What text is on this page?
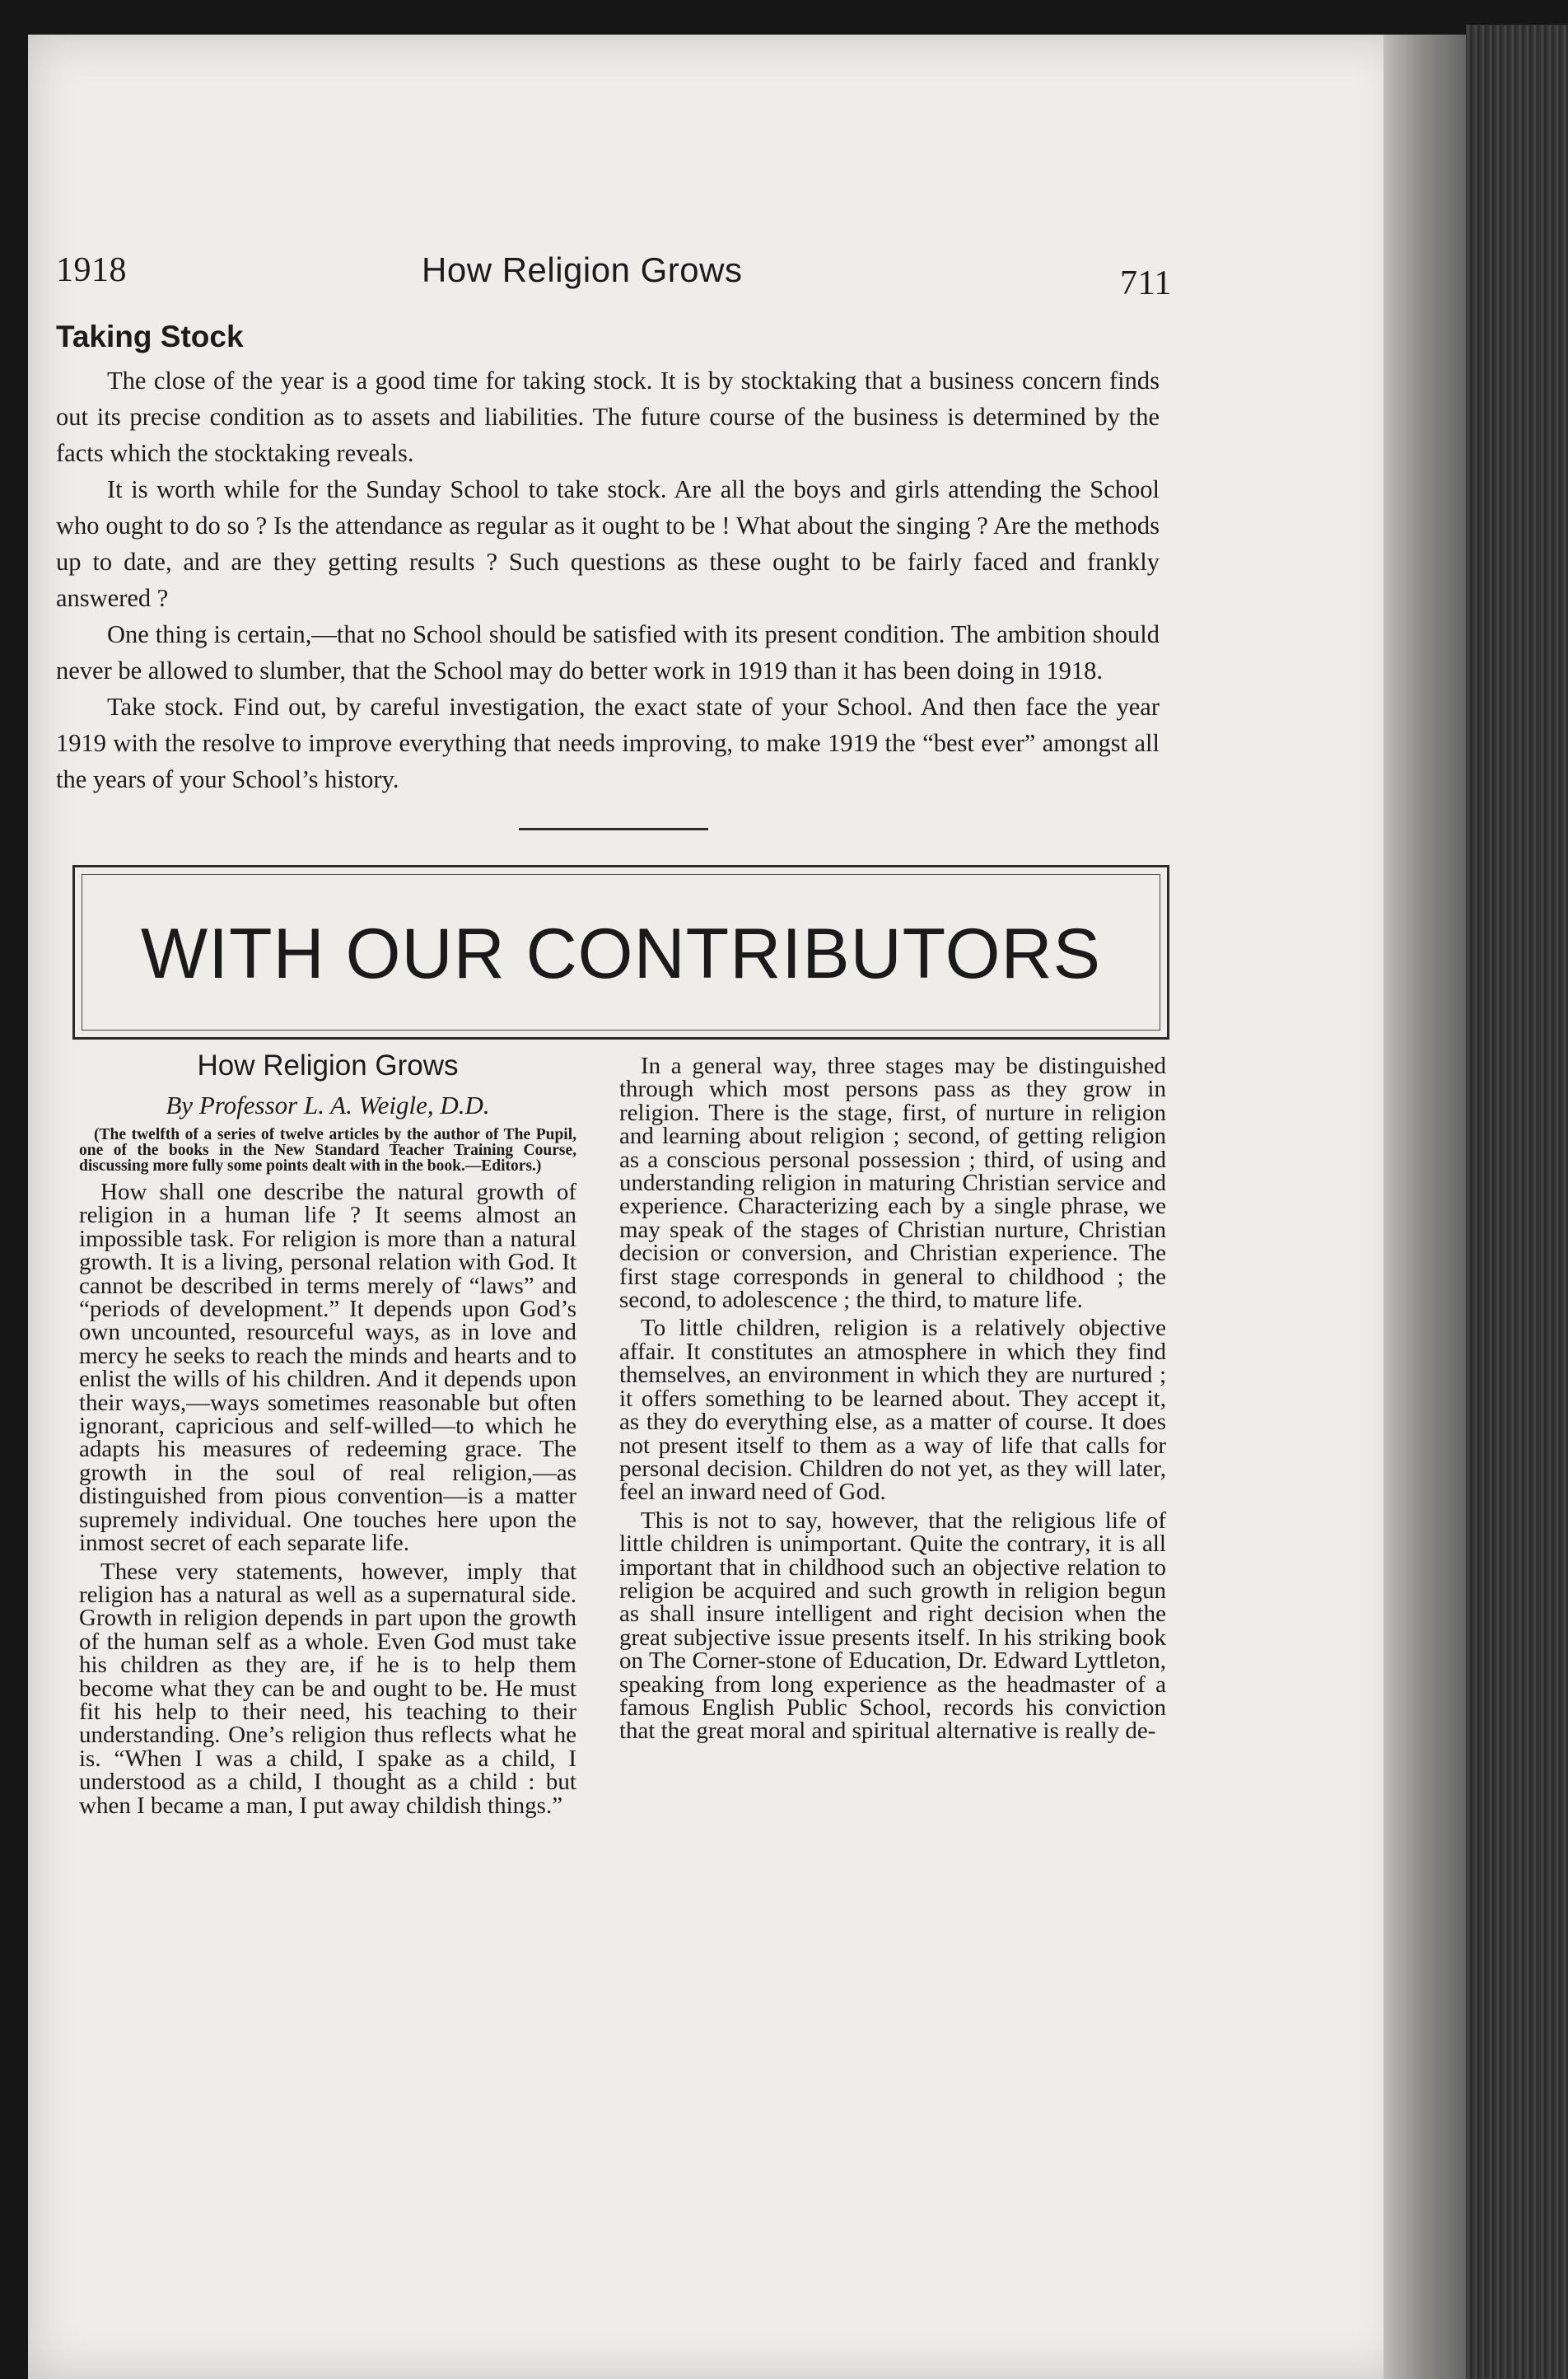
1918	How Religion Grows	711
Taking Stock

The close of the year is a good time for taking stock. It is by stocktaking that a business concern finds out its precise condition as to assets and liabilities. The future course of the business is determined by the facts which the stocktaking reveals.

It is worth while for the Sunday School to take stock. Are all the boys and girls attending the School who ought to do so ? Is the attendance as regular as it ought to be ! What about the singing ? Are the methods up to date, and are they getting results ? Such questions as these ought to be fairly faced and frankly answered ?

One thing is certain,—that no School should be satisfied with its present condition. The ambition should never be allowed to slumber, that the School may do better work in 1919 than it has been doing in 1918.

Take stock. Find out, by careful investigation, the exact state of your School. And then face the year 1919 with the resolve to improve everything that needs improving, to make 1919 the “best ever” amongst all the years of your School’s history.

WITH OUR CONTRIBUTORS
How Religion Grows
By Professor L. A. Weigle, D.D.

(The twelfth of a series of twelve articles by the author of The Pupil, one of the books in the New Standard Teacher Training Course, discussing more fully some points dealt with in the book.—Editors.)

How shall one describe the natural growth of religion in a human life ? It seems almost an impossible task. For religion is more than a natural growth. It is a living, personal relation with God. It cannot be described in terms merely of “laws” and “periods of development.” It depends upon God’s own uncounted, resourceful ways, as in love and mercy he seeks to reach the minds and hearts and to enlist the wills of his children. And it depends upon their ways,—ways sometimes reasonable but often ignorant, capricious and self-willed—to which he adapts his measures of redeeming grace. The growth in the soul of real religion,—as distinguished from pious convention—is a matter supremely individual. One touches here upon the inmost secret of each separate life.

These very statements, however, imply that religion has a natural as well as a supernatural side. Growth in religion depends in part upon the growth of the human self as a whole. Even God must take his children as they are, if he is to help them become what they can be and ought to be. He must fit his help to their need, his teaching to their understanding. One’s religion thus reflects what he is. “When I was a child, I spake as a child, I understood as a child, I thought as a child : but when I became a man, I put away childish things.”

In a general way, three stages may be distinguished through which most persons pass as they grow in religion. There is the stage, first, of nurture in religion and learning about religion ; second, of getting religion as a conscious personal possession ; third, of using and understanding religion in maturing Christian service and experience. Characterizing each by a single phrase, we may speak of the stages of Christian nurture, Christian decision or conversion, and Christian experience. The first stage corresponds in general to childhood ; the second, to adolescence ; the third, to mature life.

To little children, religion is a relatively objective affair. It constitutes an atmosphere in which they find themselves, an environment in which they are nurtured ; it offers something to be learned about. They accept it, as they do everything else, as a matter of course. It does not present itself to them as a way of life that calls for personal decision. Children do not yet, as they will later, feel an inward need of God.

This is not to say, however, that the religious life of little children is unimportant. Quite the contrary, it is all important that in childhood such an objective relation to religion be acquired and such growth in religion begun as shall insure intelligent and right decision when the great subjective issue presents itself. In his striking book on The Corner-stone of Education, Dr. Edward Lyttleton, speaking from long experience as the headmaster of a famous English Public School, records his conviction that the great moral and spiritual alternative is really de-
